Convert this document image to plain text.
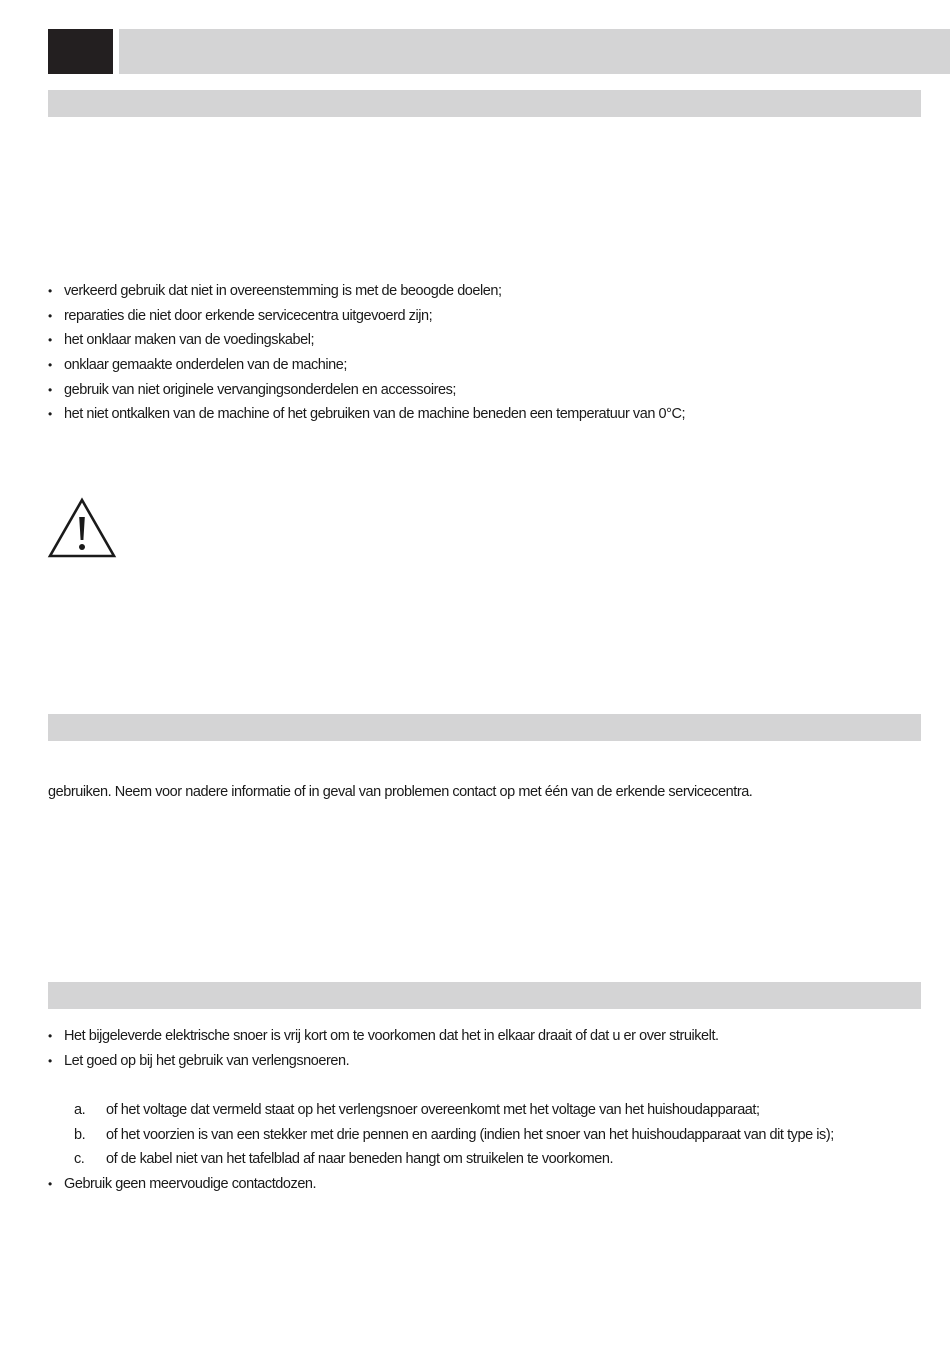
• verkeerd gebruik dat niet in overeenstemming is met de beoogde doelen;
• reparaties die niet door erkende servicecentra uitgevoerd zijn;
• het onklaar maken van de voedingskabel;
• onklaar gemaakte onderdelen van de machine;
• gebruik van niet originele vervangingsonderdelen en accessoires;
• het niet ontkalken van de machine of het gebruiken van de machine beneden een temperatuur van 0°C;

gebruiken. Neem voor nadere informatie of in geval van problemen contact op met één van de erkende servicecentra.

• Het bijgeleverde elektrische snoer is vrij kort om te voorkomen dat het in elkaar draait of dat u er over struikelt.
• Let goed op bij het gebruik van verlengsnoeren.
a.	of het voltage dat vermeld staat op het verlengsnoer overeenkomt met het voltage van het huishoudapparaat;
b.	of het voorzien is van een stekker met drie pennen en aarding (indien het snoer van het huishoudapparaat van dit type is);
c.	of de kabel niet van het tafelblad af naar beneden hangt om struikelen te voorkomen.
• Gebruik geen meervoudige contactdozen.
